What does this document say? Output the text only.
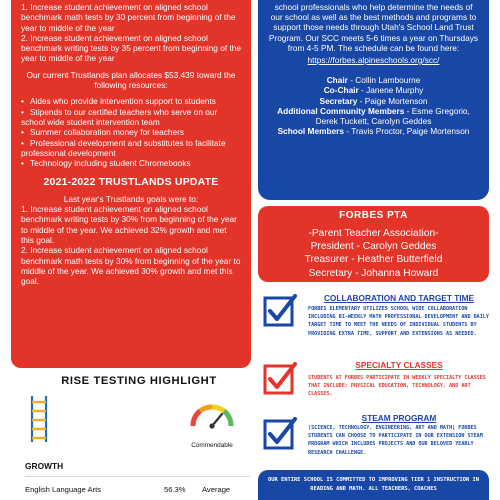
1. Increase student achievement on aligned school benchmark math tests by 30 percent from beginning of the year to middle of the year
2. Increase student achievement on aligned school benchmark writing tests by 35 percent from beginning of the year to middle of the year

Our current Trustlands plan allocates $53,439 toward the following resources:

• Aides who provide intervention support to students
• Stipends to our certified teachers who serve on our school wide student intervention team
• Summer collaboration money for teachers
• Professional development and substitutes to facilitate professional development
• Technology including student Chromebooks
2021-2022 TRUSTLANDS UPDATE

Last year's Trustlands goals were to:

1. Increase student achievement on aligned school benchmark writing tests by 30% from beginning of the year to middle of the year. We achieved 32% growth and met this goal.
2. Increase student achievement on aligned school benchmark math tests by 30% from beginning of the year to middle of the year. We achieved 30% growth and met this goal.

school professionals who help determine the needs of our school as well as the best methods and programs to support those needs through Utah's School Land Trust Program. Our SCC meets 5-6 times a year on Thursdays from 4-5 PM. The schedule can be found here:

https://forbes.alpineschools.org/scc/

Chair - Collin Lambourne

Co-Chair - Janene Murphy

Secretary - Paige Mortenson

Additional Community Members - Esme Gregorio, Derek Tuckett, Carolyn Geddes

School Members - Travis Proctor, Paige Mortenson

FORBES PTA

-Parent Teacher Association-

President - Carolyn Geddes

Treasurer - Heather Butterfield

Secretary - Johanna Howard

COLLABORATION AND TARGET TIME

FORBES ELEMENTARY UTILIZES SCHOOL WIDE COLLABORATION INCLUDING BI-WEEKLY MATH PROFESSIONAL DEVELOPMENT AND DAILY TARGET TIME TO MEET THE NEEDS OF INDIVIDUAL STUDENTS BY PROVIDING EXTRA TIME, SUPPORT AND EXTENSIONS AS NEEDED.

SPECIALTY CLASSES

STUDENTS AT FORBES PARTICIPATE IN WEEKLY SPECIALTY CLASSES THAT INCLUDE: PHYSICAL EDUCATION, TECHNOLOGY, AND ART CLASSES.

STEAM PROGRAM

(SCIENCE, TECHNOLOGY, ENGINEERING, ART AND MATH) FORBES STUDENTS CAN CHOOSE TO PARTICIPATE IN OUR EXTENSION STEAM PROGRAM WHICH INCLUDES PROJECTS AND OUR BELOVED YEARLY RESEARCH CHALLENGE.

OUR ENTIRE SCHOOL IS COMMITTED TO IMPROVING TIER 1 INSTRUCTION IN READING AND MATH. ALL TEACHERS, COACHES
RISE TESTING HIGHLIGHT
Commendable
GROWTH
English Language Arts	56.3% Average
